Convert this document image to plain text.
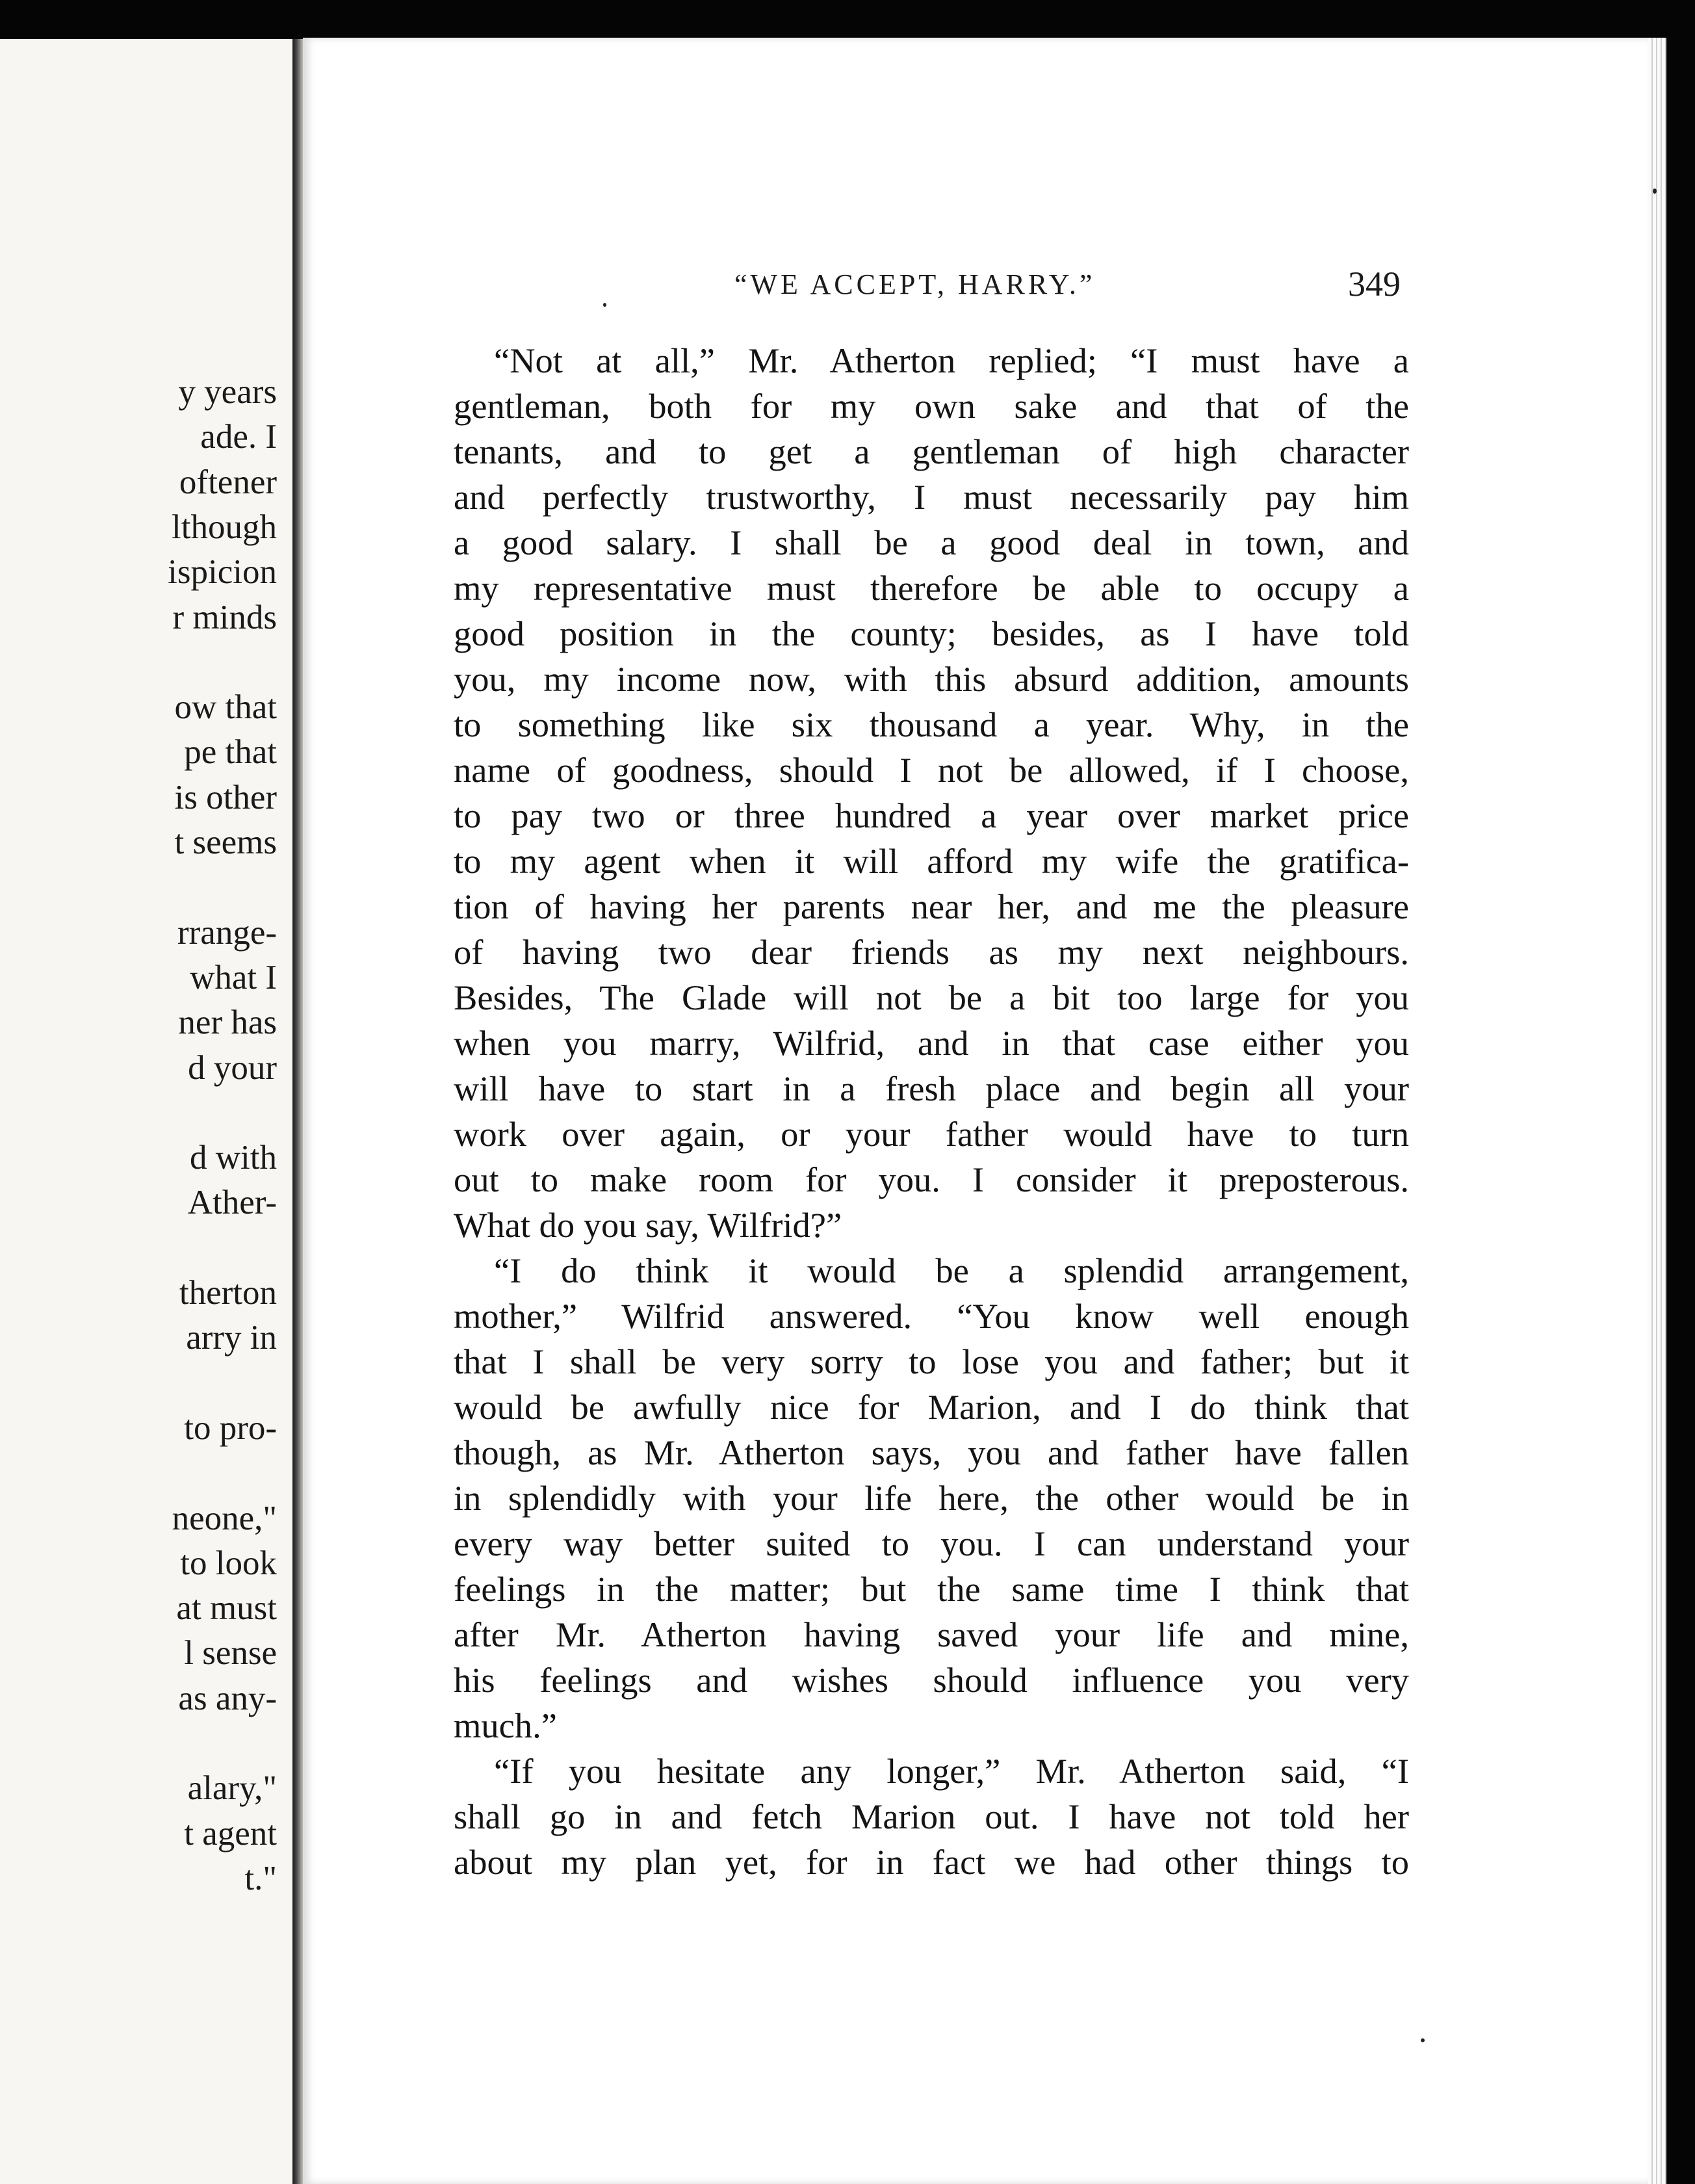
y years
ade. I
oftener
lthough
ispicion
r minds
ow that
pe that
is other
t seems
rrange-
what I
ner has
d your
d with
Ather-
therton
arry in
to pro-
neone,"
to look
at must
l sense
as any-
alary,"
t agent
t."
“WE ACCEPT, HARRY.”	349
“Not at all,” Mr. Atherton replied; “I must have a
gentleman, both for my own sake and that of the
tenants, and to get a gentleman of high character
and perfectly trustworthy, I must necessarily pay him
a good salary. I shall be a good deal in town, and
my representative must therefore be able to occupy a
good position in the county; besides, as I have told
you, my income now, with this absurd addition, amounts
to something like six thousand a year. Why, in the
name of goodness, should I not be allowed, if I choose,
to pay two or three hundred a year over market price
to my agent when it will afford my wife the gratifica-
tion of having her parents near her, and me the pleasure
of having two dear friends as my next neighbours.
Besides, The Glade will not be a bit too large for you
when you marry, Wilfrid, and in that case either you
will have to start in a fresh place and begin all your
work over again, or your father would have to turn
out to make room for you. I consider it preposterous.
What do you say, Wilfrid?”
“I do think it would be a splendid arrangement,
mother,” Wilfrid answered. “You know well enough
that I shall be very sorry to lose you and father; but it
would be awfully nice for Marion, and I do think that
though, as Mr. Atherton says, you and father have fallen
in splendidly with your life here, the other would be in
every way better suited to you. I can understand your
feelings in the matter; but the same time I think that
after Mr. Atherton having saved your life and mine,
his feelings and wishes should influence you very
much.”
“If you hesitate any longer,” Mr. Atherton said, “I
shall go in and fetch Marion out. I have not told her
about my plan yet, for in fact we had other things to
